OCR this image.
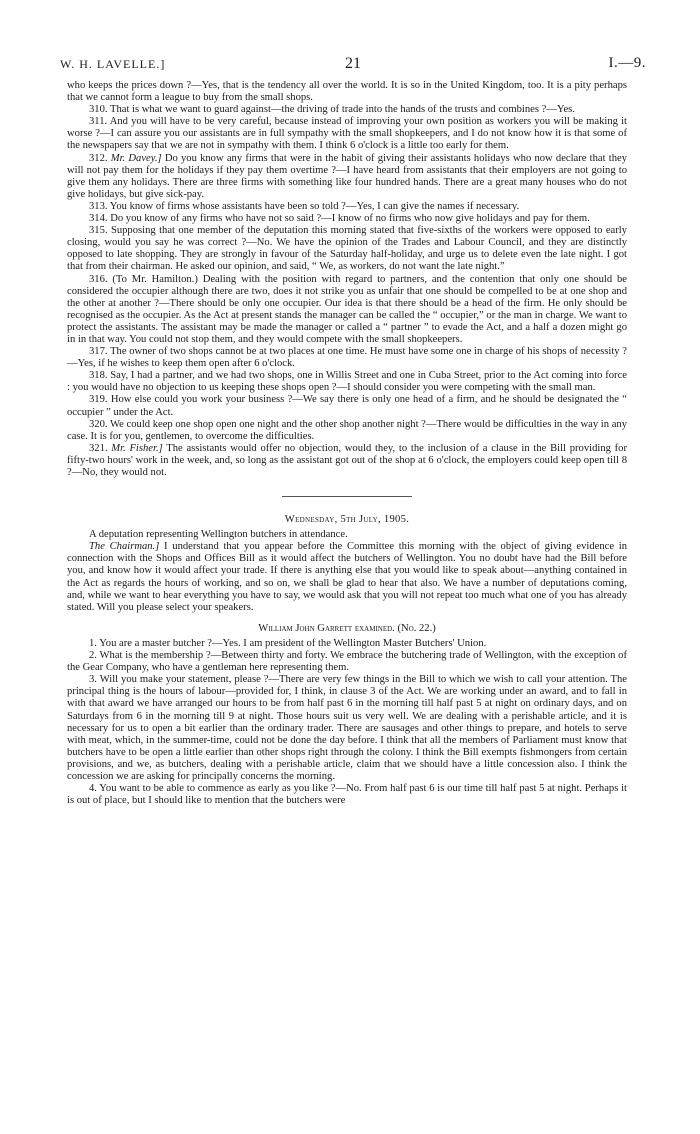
W. H. LAVELLE.]	21	I.—9.

who keeps the prices down ?—Yes, that is the tendency all over the world. It is so in the United Kingdom, too. It is a pity perhaps that we cannot form a league to buy from the small shops.

310. That is what we want to guard against—the driving of trade into the hands of the trusts and combines ?—Yes.

311. And you will have to be very careful, because instead of improving your own position as workers you will be making it worse ?—I can assure you our assistants are in full sympathy with the small shopkeepers, and I do not know how it is that some of the newspapers say that we are not in sympathy with them. I think 6 o'clock is a little too early for them.

312. Mr. Davey.] Do you know any firms that were in the habit of giving their assistants holidays who now declare that they will not pay them for the holidays if they pay them overtime ?—I have heard from assistants that their employers are not going to give them any holidays. There are three firms with something like four hundred hands. There are a great many houses who do not give holidays, but give sick-pay.

313. You know of firms whose assistants have been so told ?—Yes, I can give the names if necessary.

314. Do you know of any firms who have not so said ?—I know of no firms who now give holidays and pay for them.

315. Supposing that one member of the deputation this morning stated that five-sixths of the workers were opposed to early closing, would you say he was correct ?—No. We have the opinion of the Trades and Labour Council, and they are distinctly opposed to late shopping. They are strongly in favour of the Saturday half-holiday, and urge us to delete even the late night. I got that from their chairman. He asked our opinion, and said, “ We, as workers, do not want the late night.”

316. (To Mr. Hamilton.) Dealing with the position with regard to partners, and the contention that only one should be considered the occupier although there are two, does it not strike you as unfair that one should be compelled to be at one shop and the other at another ?—There should be only one occupier. Our idea is that there should be a head of the firm. He only should be recognised as the occupier. As the Act at present stands the manager can be called the “ occupier,” or the man in charge. We want to protect the assistants. The assistant may be made the manager or called a “ partner ” to evade the Act, and a half a dozen might go in in that way. You could not stop them, and they would compete with the small shopkeepers.

317. The owner of two shops cannot be at two places at one time. He must have some one in charge of his shops of necessity ?—Yes, if he wishes to keep them open after 6 o'clock.

318. Say, I had a partner, and we had two shops, one in Willis Street and one in Cuba Street, prior to the Act coming into force : you would have no objection to us keeping these shops open ?—I should consider you were competing with the small man.

319. How else could you work your business ?—We say there is only one head of a firm, and he should be designated the “ occupier ” under the Act.

320. We could keep one shop open one night and the other shop another night ?—There would be difficulties in the way in any case. It is for you, gentlemen, to overcome the difficulties.

321. Mr. Fisher.] The assistants would offer no objection, would they, to the inclusion of a clause in the Bill providing for fifty-two hours' work in the week, and, so long as the assistant got out of the shop at 6 o'clock, the employers could keep open till 8 ?—No, they would not.

Wednesday, 5th July, 1905.

A deputation representing Wellington butchers in attendance.

The Chairman.] I understand that you appear before the Committee this morning with the object of giving evidence in connection with the Shops and Offices Bill as it would affect the butchers of Wellington. You no doubt have had the Bill before you, and know how it would affect your trade. If there is anything else that you would like to speak about—anything contained in the Act as regards the hours of working, and so on, we shall be glad to hear that also. We have a number of deputations coming, and, while we want to hear everything you have to say, we would ask that you will not repeat too much what one of you has already stated. Will you please select your speakers.

William John Garrett examined. (No. 22.)

1. You are a master butcher ?—Yes. I am president of the Wellington Master Butchers' Union.

2. What is the membership ?—Between thirty and forty. We embrace the butchering trade of Wellington, with the exception of the Gear Company, who have a gentleman here representing them.

3. Will you make your statement, please ?—There are very few things in the Bill to which we wish to call your attention. The principal thing is the hours of labour—provided for, I think, in clause 3 of the Act. We are working under an award, and to fall in with that award we have arranged our hours to be from half past 6 in the morning till half past 5 at night on ordinary days, and on Saturdays from 6 in the morning till 9 at night. Those hours suit us very well. We are dealing with a perishable article, and it is necessary for us to open a bit earlier than the ordinary trader. There are sausages and other things to prepare, and hotels to serve with meat, which, in the summer-time, could not be done the day before. I think that all the members of Parliament must know that butchers have to be open a little earlier than other shops right through the colony. I think the Bill exempts fishmongers from certain provisions, and we, as butchers, dealing with a perishable article, claim that we should have a little concession also. I think the concession we are asking for principally concerns the morning.

4. You want to be able to commence as early as you like ?—No. From half past 6 is our time till half past 5 at night. Perhaps it is out of place, but I should like to mention that the butchers were
